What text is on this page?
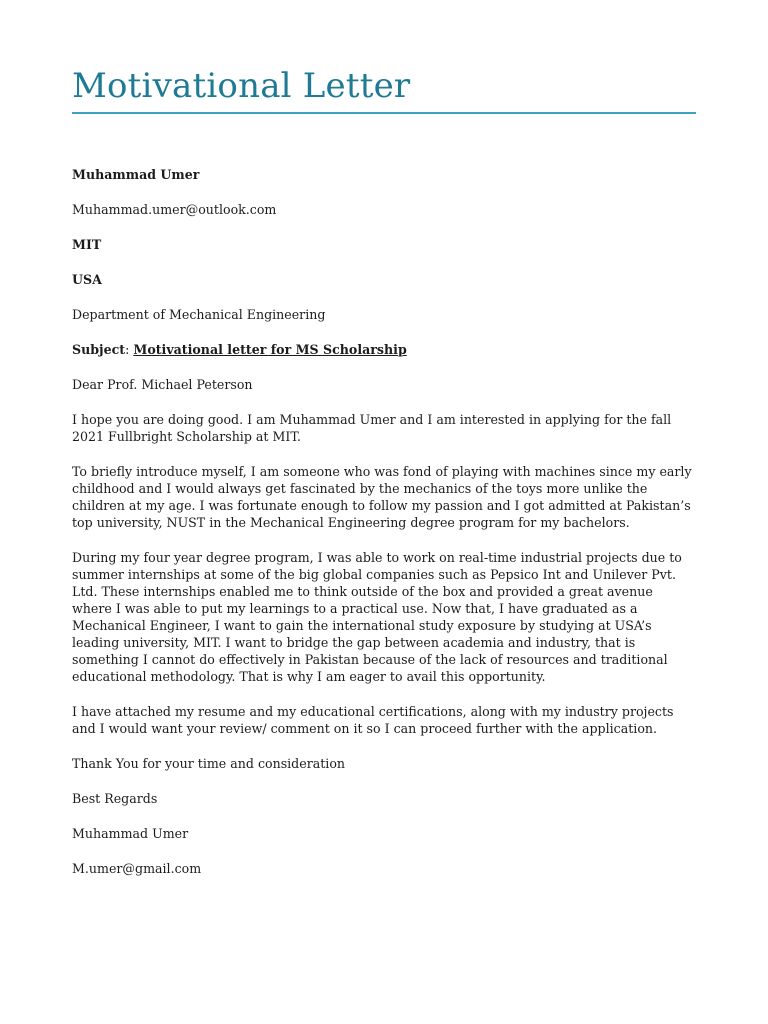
Motivational Letter

Muhammad Umer

Muhammad.umer@outlook.com

MIT

USA

Department of Mechanical Engineering

Subject: Motivational letter for MS Scholarship

Dear Prof. Michael Peterson

I hope you are doing good. I am Muhammad Umer and I am interested in applying for the fall 2021 Fullbright Scholarship at MIT.

To briefly introduce myself, I am someone who was fond of playing with machines since my early childhood and I would always get fascinated by the mechanics of the toys more unlike the children at my age. I was fortunate enough to follow my passion and I got admitted at Pakistan’s top university, NUST in the Mechanical Engineering degree program for my bachelors.

During my four year degree program, I was able to work on real-time industrial projects due to summer internships at some of the big global companies such as Pepsico Int and Unilever Pvt. Ltd. These internships enabled me to think outside of the box and provided a great avenue where I was able to put my learnings to a practical use. Now that, I have graduated as a Mechanical Engineer, I want to gain the international study exposure by studying at USA’s leading university, MIT. I want to bridge the gap between academia and industry, that is something I cannot do effectively in Pakistan because of the lack of resources and traditional educational methodology. That is why I am eager to avail this opportunity.

I have attached my resume and my educational certifications, along with my industry projects and I would want your review/ comment on it so I can proceed further with the application.

Thank You for your time and consideration

Best Regards

Muhammad Umer

M.umer@gmail.com
